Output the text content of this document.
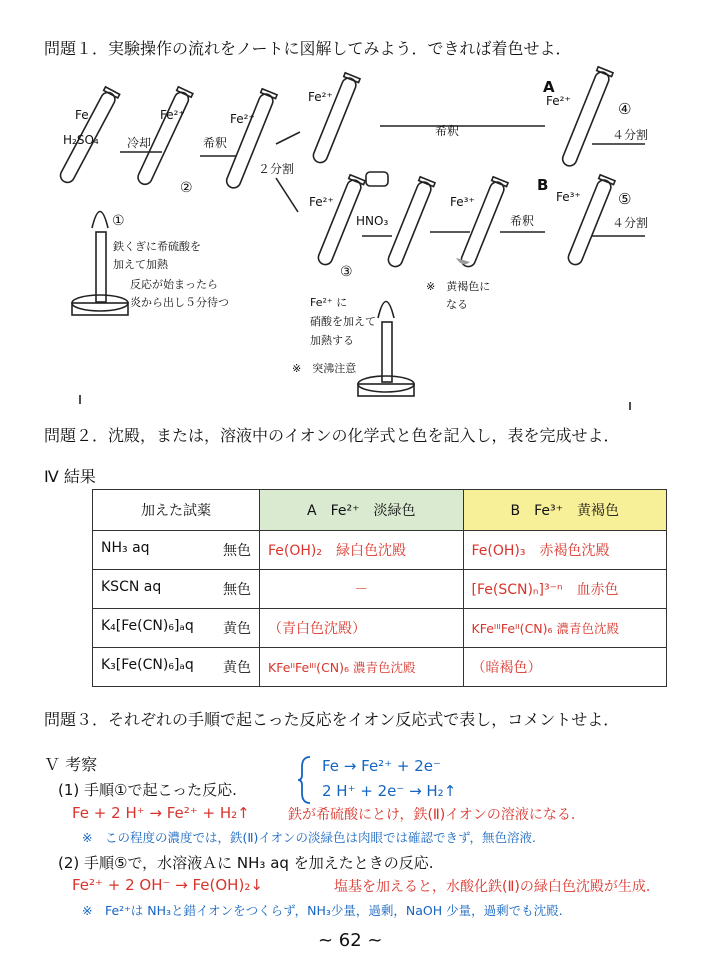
問題１．実験操作の流れをノートに図解してみよう．できれば着色せよ．
Fe
H₂SO₄ 冷却	希釈
Fe²⁺	Fe²⁺
２分割
Fe²⁺
希釈
A
Fe²⁺	④
４分割
Fe²⁺
HNO₃
Fe³⁺
希釈
B
Fe³⁺ ⑤
４分割
②
①
③
鉄くぎに希硫酸を
加えて加熱
反応が始まったら
炎から出し５分待つ	Fe²⁺ に
硝酸を加えて
加熱する
※　突沸注意
※　黄褐色に
なる
問題２．沈殿，または，溶液中のイオンの化学式と色を記入し，表を完成せよ．
Ⅳ 結果
加えた試薬	A　Fe²⁺　淡緑色	B　Fe³⁺　黄褐色

NH₃ aq 無色	Fe(OH)₂　緑白色沈殿	Fe(OH)₃　赤褐色沈殿

KSCN aq 無色	－	[Fe(SCN)ₙ]³⁻ⁿ　血赤色

K₄[Fe(CN)₆]ₐq 黄色	（青白色沈殿）	KFeᴵᴵᴵFeᴵᴵ(CN)₆ 濃青色沈殿

K₃[Fe(CN)₆]ₐq 黄色	KFeᴵᴵFeᴵᴵᴵ(CN)₆ 濃青色沈殿	（暗褐色）
問題３．それぞれの手順で起こった反応をイオン反応式で表し，コメントせよ．
Ｖ 考察
(1) 手順①で起こった反応.
Fe → Fe²⁺ + 2e⁻
2 H⁺ + 2e⁻ → H₂↑
Fe + 2 H⁺ → Fe²⁺ + H₂↑	鉄が希硫酸にとけ，鉄(Ⅱ)イオンの溶液になる.
※　この程度の濃度では，鉄(Ⅱ)イオンの淡緑色は肉眼では確認できず，無色溶液.
(2) 手順⑤で，水溶液Ａに NH₃ aq を加えたときの反応.
Fe²⁺ + 2 OH⁻ → Fe(OH)₂↓	塩基を加えると，水酸化鉄(Ⅱ)の緑白色沈殿が生成.
※　Fe²⁺は NH₃と錯イオンをつくらず，NH₃少量，過剰，NaOH 少量，過剰でも沈殿.
~ 62 ~
